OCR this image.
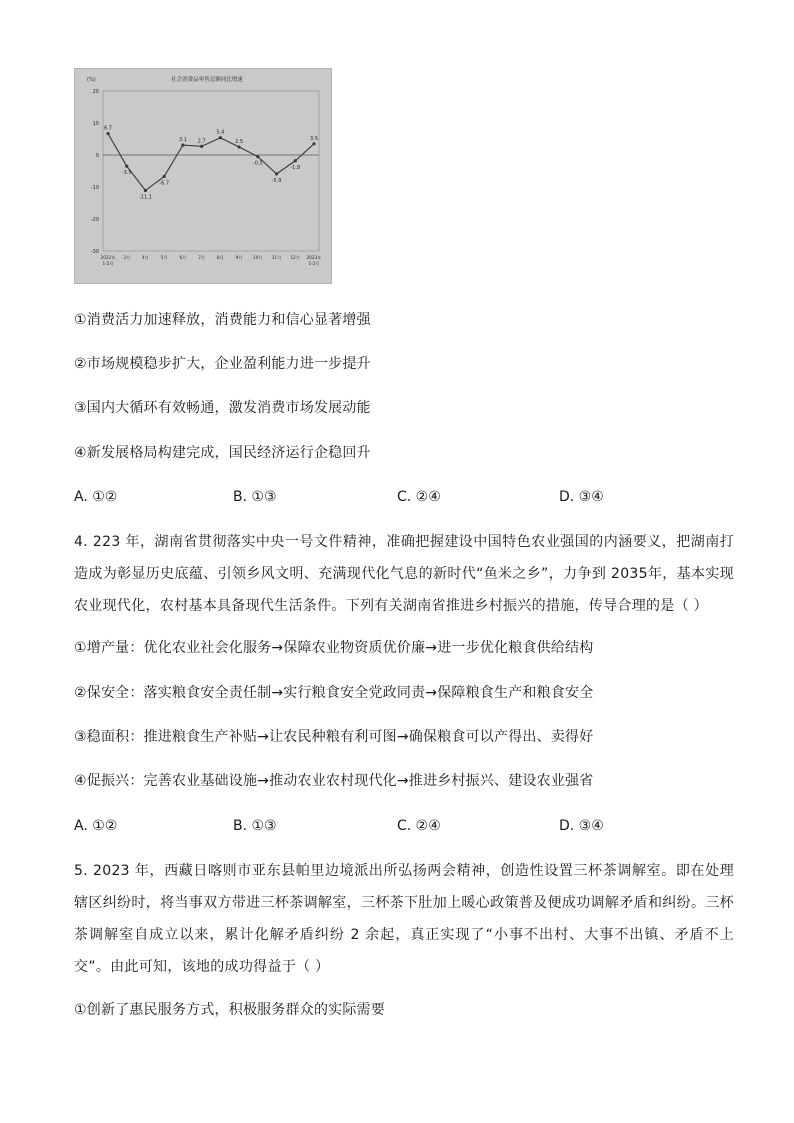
社会消费品零售总额同比增速
(%)
20
10
0
-10
-20
-30
6.7
-3.5
-11.1
-6.7
3.1 2.7
5.4
2.5
-0.5
-5.9
-1.8
3.5
2022年
1-2月
3月	4月	5月	6月	7月	8月	9月	10月 11月 12月 2023年
1-2月
①消费活力加速释放，消费能力和信心显著增强
②市场规模稳步扩大，企业盈利能力进一步提升
③国内大循环有效畅通，激发消费市场发展动能
④新发展格局构建完成，国民经济运行企稳回升
A. ①②	B. ①③	C. ②④	D. ③④
4. 223 年，湖南省贯彻落实中央一号文件精神，准确把握建设中国特色农业强国的内涵要义，把湖南打造成为彰显历史底蕴、引领乡风文明、充满现代化气息的新时代“鱼米之乡”，力争到 2035年，基本实现农业现代化，农村基本具备现代生活条件。下列有关湖南省推进乡村振兴的措施，传导合理的是（ ）
①增产量：优化农业社会化服务→保障农业物资质优价廉→进一步优化粮食供给结构
②保安全：落实粮食安全责任制→实行粮食安全党政同责→保障粮食生产和粮食安全
③稳面积：推进粮食生产补贴→让农民种粮有利可图→确保粮食可以产得出、卖得好
④促振兴：完善农业基础设施→推动农业农村现代化→推进乡村振兴、建设农业强省
A. ①②	B. ①③	C. ②④	D. ③④
5. 2023 年，西藏日喀则市亚东县帕里边境派出所弘扬两会精神，创造性设置三杯茶调解室。即在处理辖区纠纷时，将当事双方带进三杯茶调解室，三杯茶下肚加上暖心政策普及便成功调解矛盾和纠纷。三杯茶调解室自成立以来，累计化解矛盾纠纷 2 余起，真正实现了“小事不出村、大事不出镇、矛盾不上交”。由此可知，该地的成功得益于（ ）
①创新了惠民服务方式，积极服务群众的实际需要
